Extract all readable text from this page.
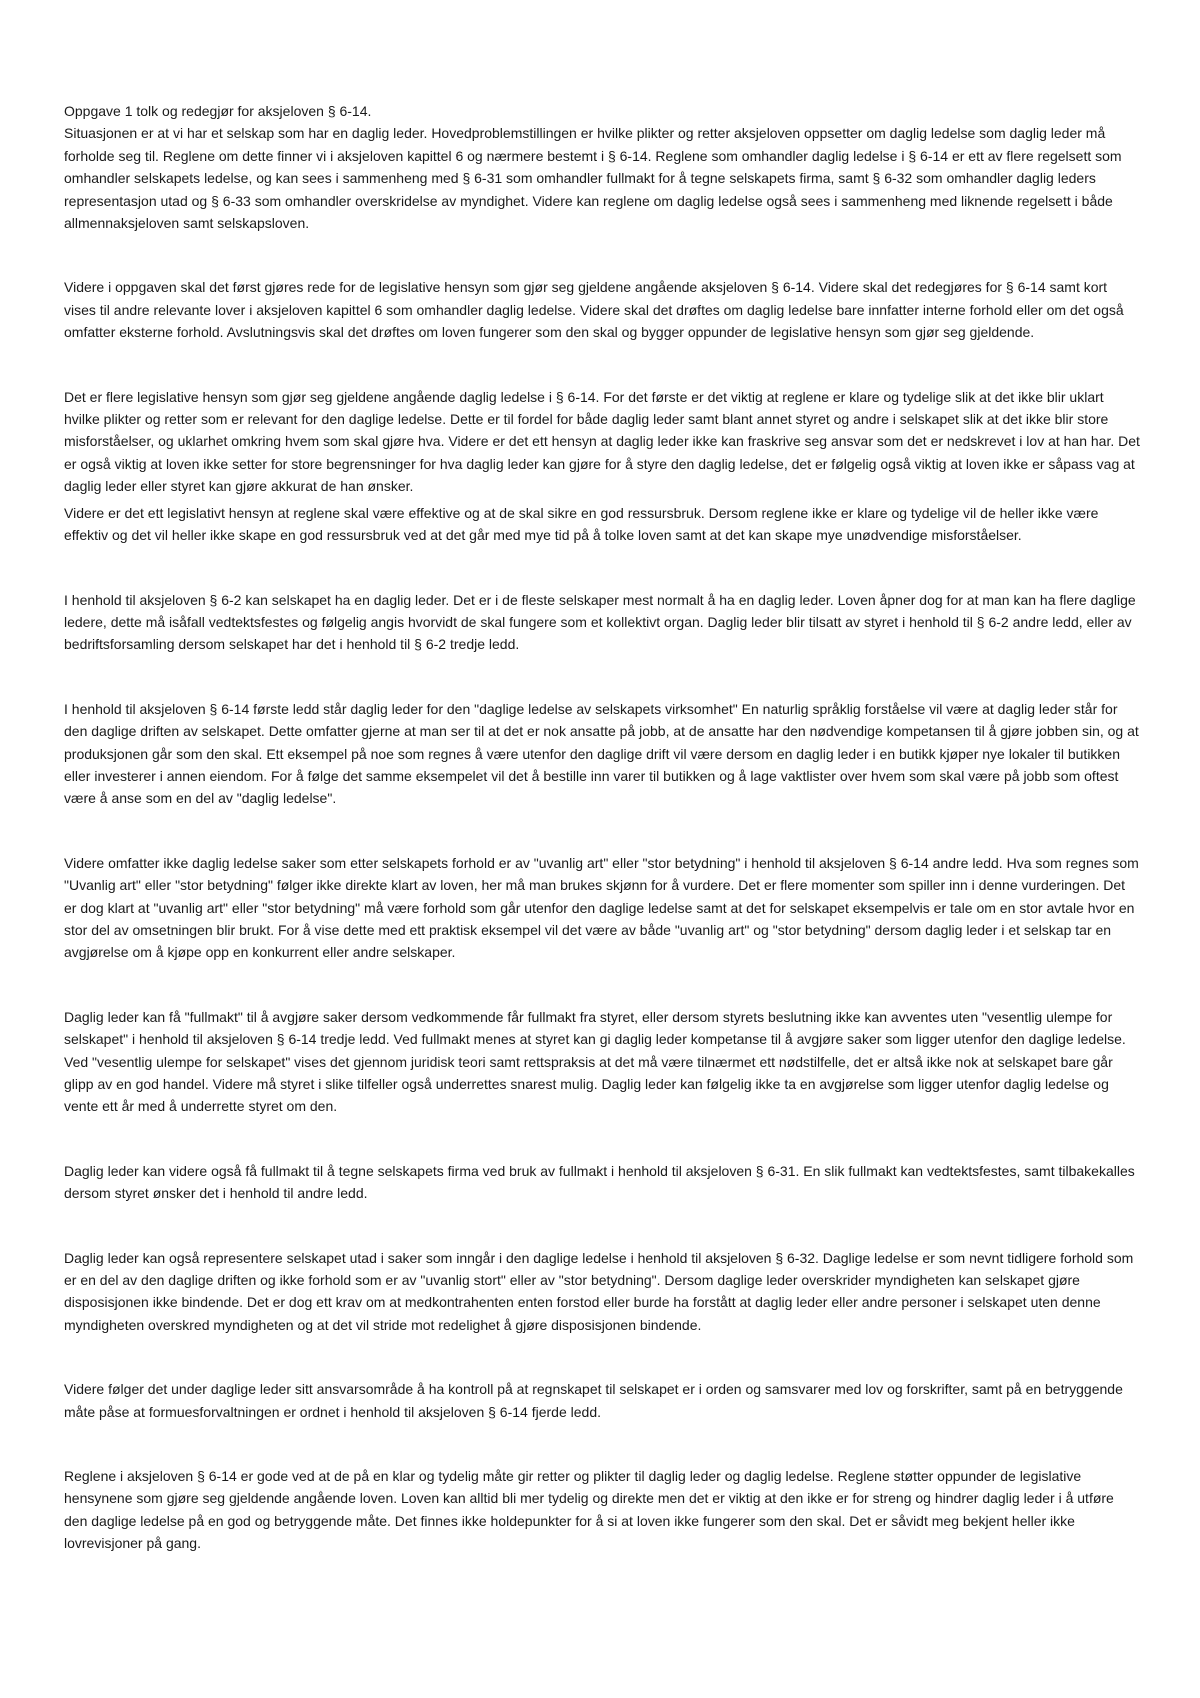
Oppgave 1 tolk og redegjør for aksjeloven § 6-14.

Situasjonen er at vi har et selskap som har en daglig leder. Hovedproblemstillingen er hvilke plikter og retter aksjeloven oppsetter om daglig ledelse som daglig leder må forholde seg til. Reglene om dette finner vi i aksjeloven kapittel 6 og nærmere bestemt i § 6-14. Reglene som omhandler daglig ledelse i § 6-14 er ett av flere regelsett som omhandler selskapets ledelse, og kan sees i sammenheng med § 6-31 som omhandler fullmakt for å tegne selskapets firma, samt § 6-32 som omhandler daglig leders representasjon utad og § 6-33 som omhandler overskridelse av myndighet. Videre kan reglene om daglig ledelse også sees i sammenheng med liknende regelsett i både allmennaksjeloven samt selskapsloven.

Videre i oppgaven skal det først gjøres rede for de legislative hensyn som gjør seg gjeldene angående aksjeloven § 6-14. Videre skal det redegjøres for § 6-14 samt kort vises til andre relevante lover i aksjeloven kapittel 6 som omhandler daglig ledelse. Videre skal det drøftes om daglig ledelse bare innfatter interne forhold eller om det også omfatter eksterne forhold. Avslutningsvis skal det drøftes om loven fungerer som den skal og bygger oppunder de legislative hensyn som gjør seg gjeldende.

Det er flere legislative hensyn som gjør seg gjeldene angående daglig ledelse i § 6-14. For det første er det viktig at reglene er klare og tydelige slik at det ikke blir uklart hvilke plikter og retter som er relevant for den daglige ledelse. Dette er til fordel for både daglig leder samt blant annet styret og andre i selskapet slik at det ikke blir store misforståelser, og uklarhet omkring hvem som skal gjøre hva. Videre er det ett hensyn at daglig leder ikke kan fraskrive seg ansvar som det er nedskrevet i lov at han har. Det er også viktig at loven ikke setter for store begrensninger for hva daglig leder kan gjøre for å styre den daglig ledelse, det er følgelig også viktig at loven ikke er såpass vag at daglig leder eller styret kan gjøre akkurat de han ønsker.

Videre er det ett legislativt hensyn at reglene skal være effektive og at de skal sikre en god ressursbruk. Dersom reglene ikke er klare og tydelige vil de heller ikke være effektiv og det vil heller ikke skape en god ressursbruk ved at det går med mye tid på å tolke loven samt at det kan skape mye unødvendige misforståelser.

I henhold til aksjeloven § 6-2 kan selskapet ha en daglig leder. Det er i de fleste selskaper mest normalt å ha en daglig leder. Loven åpner dog for at man kan ha flere daglige ledere, dette må isåfall vedtektsfestes og følgelig angis hvorvidt de skal fungere som et kollektivt organ. Daglig leder blir tilsatt av styret i henhold til § 6-2 andre ledd, eller av bedriftsforsamling dersom selskapet har det i henhold til § 6-2 tredje ledd.

I henhold til aksjeloven § 6-14 første ledd står daglig leder for den "daglige ledelse av selskapets virksomhet" En naturlig språklig forståelse vil være at daglig leder står for den daglige driften av selskapet. Dette omfatter gjerne at man ser til at det er nok ansatte på jobb, at de ansatte har den nødvendige kompetansen til å gjøre jobben sin, og at produksjonen går som den skal. Ett eksempel på noe som regnes å være utenfor den daglige drift vil være dersom en daglig leder i en butikk kjøper nye lokaler til butikken eller investerer i annen eiendom. For å følge det samme eksempelet vil det å bestille inn varer til butikken og å lage vaktlister over hvem som skal være på jobb som oftest være å anse som en del av "daglig ledelse".

Videre omfatter ikke daglig ledelse saker som etter selskapets forhold er av "uvanlig art" eller "stor betydning" i henhold til aksjeloven § 6-14 andre ledd. Hva som regnes som "Uvanlig art" eller "stor betydning" følger ikke direkte klart av loven, her må man brukes skjønn for å vurdere. Det er flere momenter som spiller inn i denne vurderingen. Det er dog klart at "uvanlig art" eller "stor betydning" må være forhold som går utenfor den daglige ledelse samt at det for selskapet eksempelvis er tale om en stor avtale hvor en stor del av omsetningen blir brukt. For å vise dette med ett praktisk eksempel vil det være av både "uvanlig art" og "stor betydning" dersom daglig leder i et selskap tar en avgjørelse om å kjøpe opp en konkurrent eller andre selskaper.

Daglig leder kan få "fullmakt" til å avgjøre saker dersom vedkommende får fullmakt fra styret, eller dersom styrets beslutning ikke kan avventes uten "vesentlig ulempe for selskapet" i henhold til aksjeloven § 6-14 tredje ledd. Ved fullmakt menes at styret kan gi daglig leder kompetanse til å avgjøre saker som ligger utenfor den daglige ledelse. Ved "vesentlig ulempe for selskapet" vises det gjennom juridisk teori samt rettspraksis at det må være tilnærmet ett nødstilfelle, det er altså ikke nok at selskapet bare går glipp av en god handel. Videre må styret i slike tilfeller også underrettes snarest mulig. Daglig leder kan følgelig ikke ta en avgjørelse som ligger utenfor daglig ledelse og vente ett år med å underrette styret om den.

Daglig leder kan videre også få fullmakt til å tegne selskapets firma ved bruk av fullmakt i henhold til aksjeloven § 6-31. En slik fullmakt kan vedtektsfestes, samt tilbakekalles dersom styret ønsker det i henhold til andre ledd.

Daglig leder kan også representere selskapet utad i saker som inngår i den daglige ledelse i henhold til aksjeloven § 6-32. Daglige ledelse er som nevnt tidligere forhold som er en del av den daglige driften og ikke forhold som er av "uvanlig stort" eller av "stor betydning". Dersom daglige leder overskrider myndigheten kan selskapet gjøre disposisjonen ikke bindende. Det er dog ett krav om at medkontrahenten enten forstod eller burde ha forstått at daglig leder eller andre personer i selskapet uten denne myndigheten overskred myndigheten og at det vil stride mot redelighet å gjøre disposisjonen bindende.

Videre følger det under daglige leder sitt ansvarsområde å ha kontroll på at regnskapet til selskapet er i orden og samsvarer med lov og forskrifter, samt på en betryggende måte påse at formuesforvaltningen er ordnet i henhold til aksjeloven § 6-14 fjerde ledd.

Reglene i aksjeloven § 6-14 er gode ved at de på en klar og tydelig måte gir retter og plikter til daglig leder og daglig ledelse. Reglene støtter oppunder de legislative hensynene som gjøre seg gjeldende angående loven. Loven kan alltid bli mer tydelig og direkte men det er viktig at den ikke er for streng og hindrer daglig leder i å utføre den daglige ledelse på en god og betryggende måte. Det finnes ikke holdepunkter for å si at loven ikke fungerer som den skal. Det er såvidt meg bekjent heller ikke lovrevisjoner på gang.
